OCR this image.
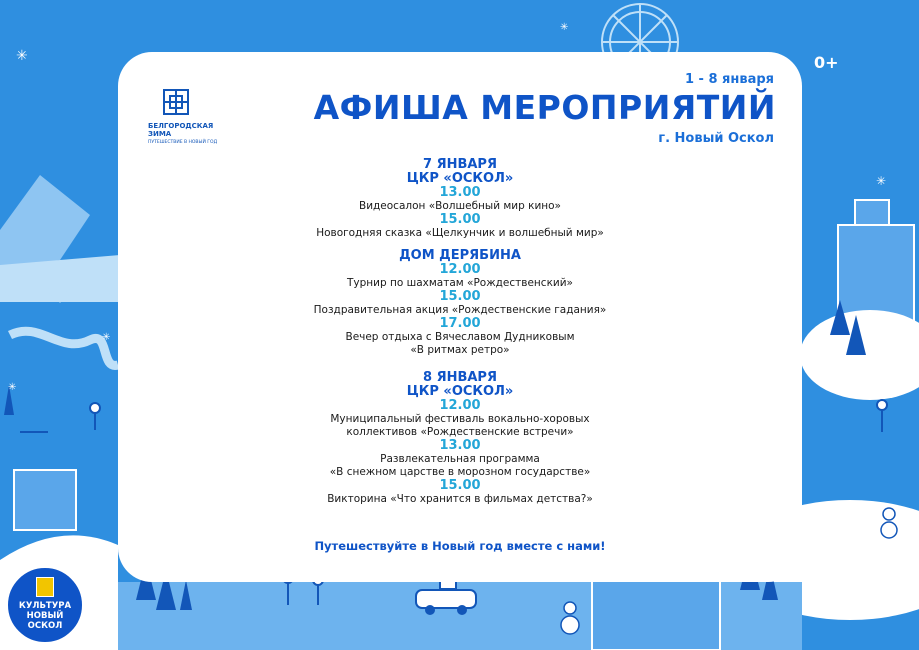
✳
✳
✳
✳
✳
✳
0+
БЕЛГОРОДСКАЯ
ЗИМА
ПУТЕШЕСТВИЕ В НОВЫЙ ГОД
1 - 8 января
АФИША МЕРОПРИЯТИЙ
г. Новый Оскол
7 ЯНВАРЯ
ЦКР «ОСКОЛ»
13.00
Видеосалон «Волшебный мир кино»
15.00
Новогодняя сказка «Щелкунчик и волшебный мир»
ДОМ ДЕРЯБИНА
12.00
Турнир по шахматам «Рождественский»
15.00
Поздравительная акция «Рождественские гадания»
17.00
Вечер отдыха с Вячеславом Дудниковым
«В ритмах ретро»
8 ЯНВАРЯ
ЦКР «ОСКОЛ»
12.00
Муниципальный фестиваль вокально-хоровых
коллективов «Рождественские встречи»
13.00
Развлекательная программа
«В снежном царстве в морозном государстве»
15.00
Викторина «Что хранится в фильмах детства?»
Путешествуйте в Новый год вместе с нами!
КУЛЬТУРА
НОВЫЙ ОСКОЛ
